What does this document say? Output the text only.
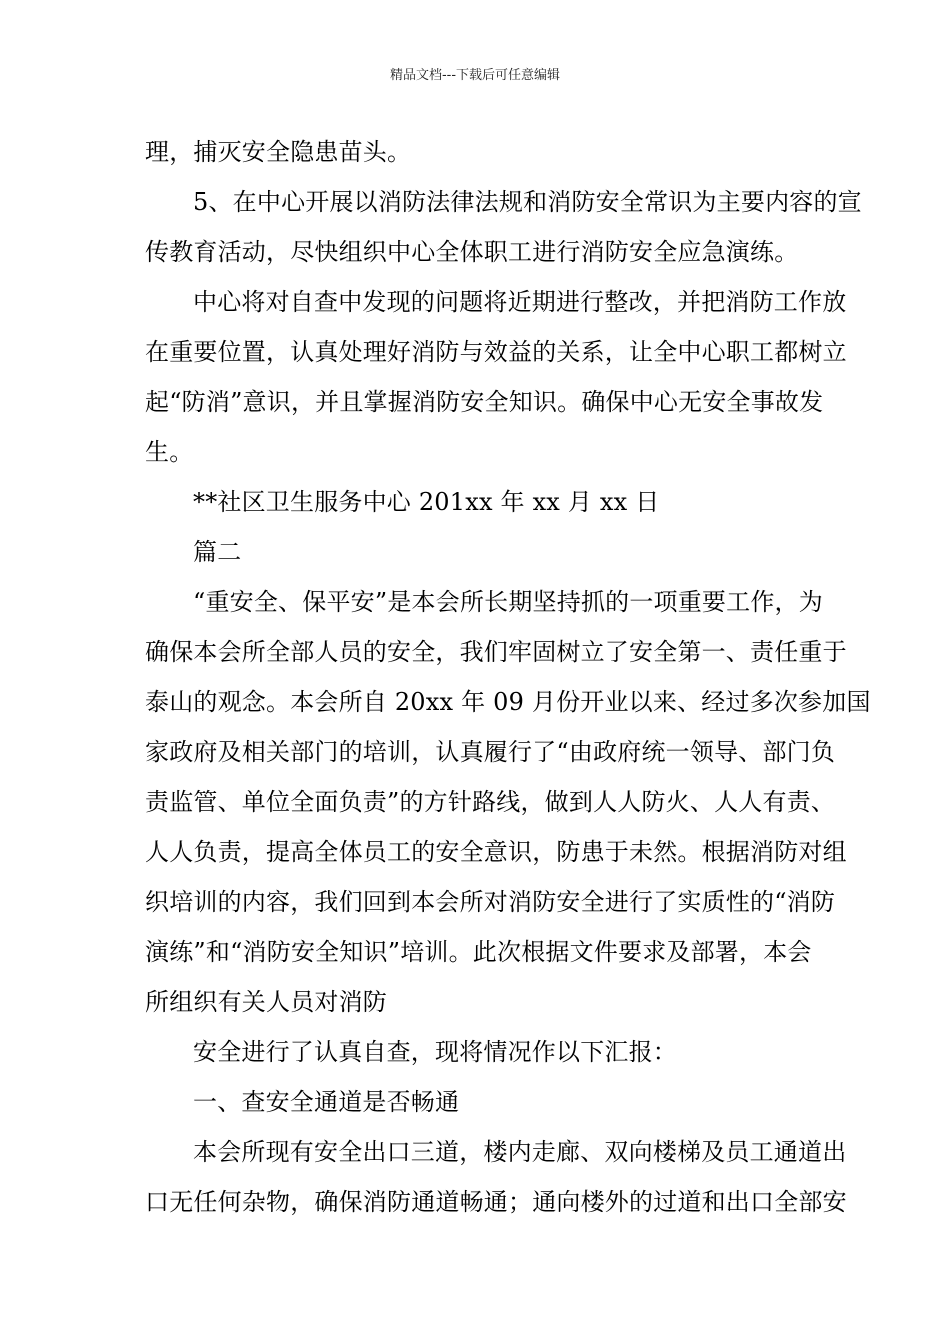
精品文档---下载后可任意编辑
理，捕灭安全隐患苗头。
5、在中心开展以消防法律法规和消防安全常识为主要内容的宣
传教育活动，尽快组织中心全体职工进行消防安全应急演练。
中心将对自查中发现的问题将近期进行整改，并把消防工作放
在重要位置，认真处理好消防与效益的关系，让全中心职工都树立
起“防消”意识，并且掌握消防安全知识。确保中心无安全事故发
生。
**社区卫生服务中心 201xx 年 xx 月 xx 日
篇二
“重安全、保平安”是本会所长期坚持抓的一项重要工作，为
确保本会所全部人员的安全，我们牢固树立了安全第一、责任重于
泰山的观念。本会所自 20xx 年 09 月份开业以来、经过多次参加国
家政府及相关部门的培训，认真履行了“由政府统一领导、部门负
责监管、单位全面负责”的方针路线，做到人人防火、人人有责、
人人负责，提高全体员工的安全意识，防患于未然。根据消防对组
织培训的内容，我们回到本会所对消防安全进行了实质性的“消防
演练”和“消防安全知识”培训。此次根据文件要求及部署，本会
所组织有关人员对消防
安全进行了认真自查，现将情况作以下汇报：
一、查安全通道是否畅通
本会所现有安全出口三道，楼内走廊、双向楼梯及员工通道出
口无任何杂物，确保消防通道畅通；通向楼外的过道和出口全部安
